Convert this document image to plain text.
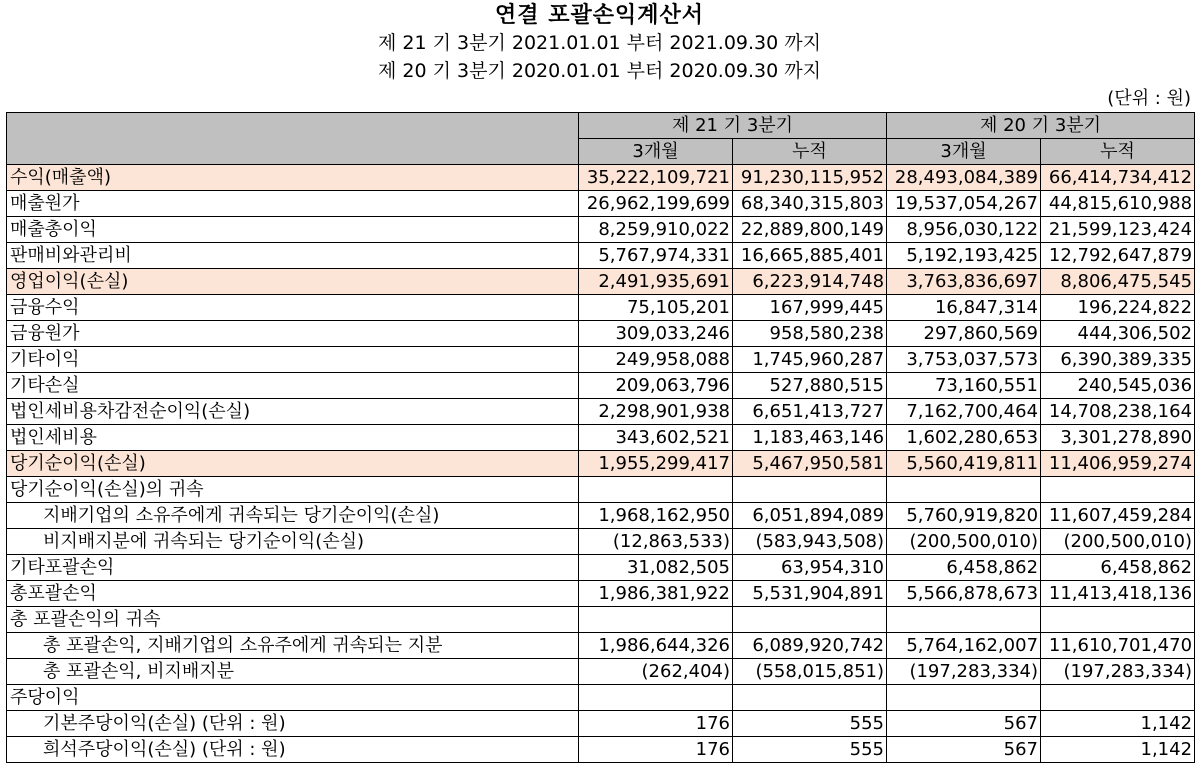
연결 포괄손익계산서
제 21 기 3분기 2021.01.01 부터 2021.09.30 까지
제 20 기 3분기 2020.01.01 부터 2020.09.30 까지
(단위 : 원)
	제 21 기 3분기		제 20 기 3분기	
	3개월	누적	3개월	누적
수익(매출액)	35,222,109,721	91,230,115,952	28,493,084,389	66,414,734,412
매출원가	26,962,199,699	68,340,315,803	19,537,054,267	44,815,610,988
매출총이익	8,259,910,022	22,889,800,149	8,956,030,122	21,599,123,424
판매비와관리비	5,767,974,331	16,665,885,401	5,192,193,425	12,792,647,879
영업이익(손실)	2,491,935,691	6,223,914,748	3,763,836,697	8,806,475,545
금융수익	75,105,201	167,999,445	16,847,314	196,224,822
금융원가	309,033,246	958,580,238	297,860,569	444,306,502
기타이익	249,958,088	1,745,960,287	3,753,037,573	6,390,389,335
기타손실	209,063,796	527,880,515	73,160,551	240,545,036
법인세비용차감전순이익(손실)	2,298,901,938	6,651,413,727	7,162,700,464	14,708,238,164
법인세비용	343,602,521	1,183,463,146	1,602,280,653	3,301,278,890
당기순이익(손실)	1,955,299,417	5,467,950,581	5,560,419,811	11,406,959,274
당기순이익(손실)의 귀속				
지배기업의 소유주에게 귀속되는 당기순이익(손실)	1,968,162,950	6,051,894,089	5,760,919,820	11,607,459,284
비지배지분에 귀속되는 당기순이익(손실)	(12,863,533)	(583,943,508)	(200,500,010)	(200,500,010)
기타포괄손익	31,082,505	63,954,310	6,458,862	6,458,862
총포괄손익	1,986,381,922	5,531,904,891	5,566,878,673	11,413,418,136
총 포괄손익의 귀속				
총 포괄손익, 지배기업의 소유주에게 귀속되는 지분	1,986,644,326	6,089,920,742	5,764,162,007	11,610,701,470
총 포괄손익, 비지배지분	(262,404)	(558,015,851)	(197,283,334)	(197,283,334)
주당이익				
기본주당이익(손실) (단위 : 원)	176	555	567	1,142
희석주당이익(손실) (단위 : 원)	176	555	567	1,142
